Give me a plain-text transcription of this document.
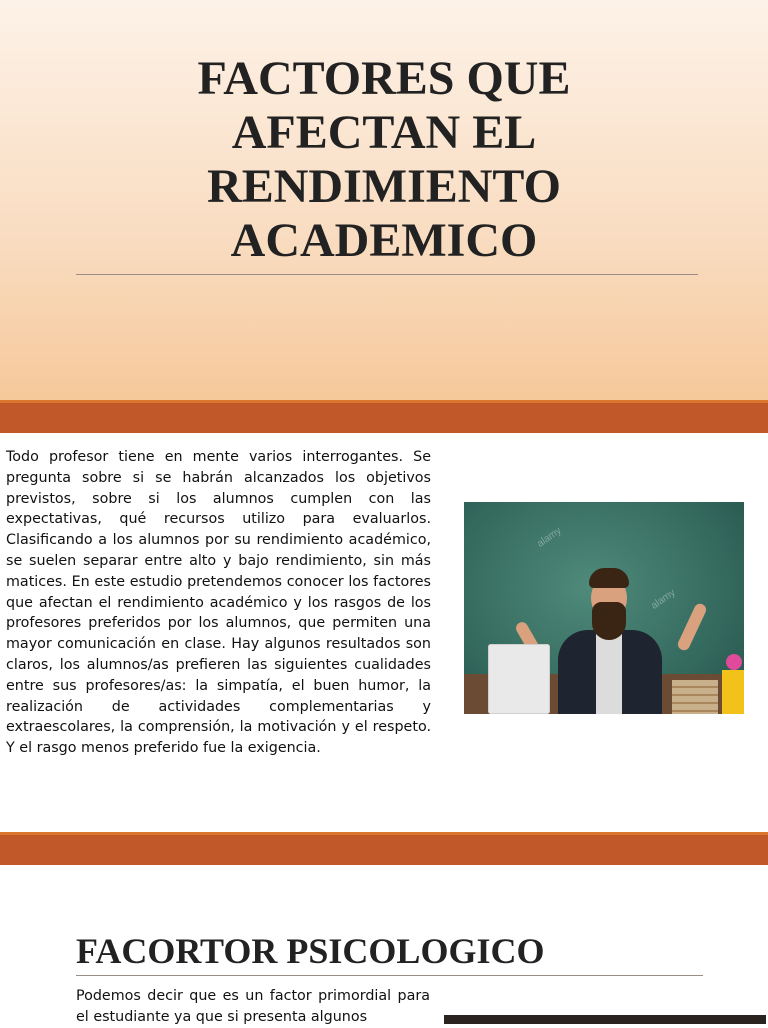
FACTORES QUE
AFECTAN EL
RENDIMIENTO
ACADEMICO

Todo profesor tiene en mente varios interrogantes. Se pregunta sobre si se habrán alcanzados los objetivos previstos, sobre si los alumnos cumplen con las expectativas, qué recursos utilizo para evaluarlos. Clasificando a los alumnos por su rendimiento académico, se suelen separar entre alto y bajo rendimiento, sin más matices. En este estudio pretendemos conocer los factores que afectan el rendimiento académico y los rasgos de los profesores preferidos por los alumnos, que permiten una mayor comunicación en clase. Hay algunos resultados son claros, los alumnos/as prefieren las siguientes cualidades entre sus profesores/as: la simpatía, el buen humor, la realización de actividades complementarias y extraescolares, la comprensión, la motivación y el respeto. Y el rasgo menos preferido fue la exigencia.

alamy
alamy
FACORTOR PSICOLOGICO

Podemos decir que es un factor primordial para el estudiante ya que si presenta algunos
